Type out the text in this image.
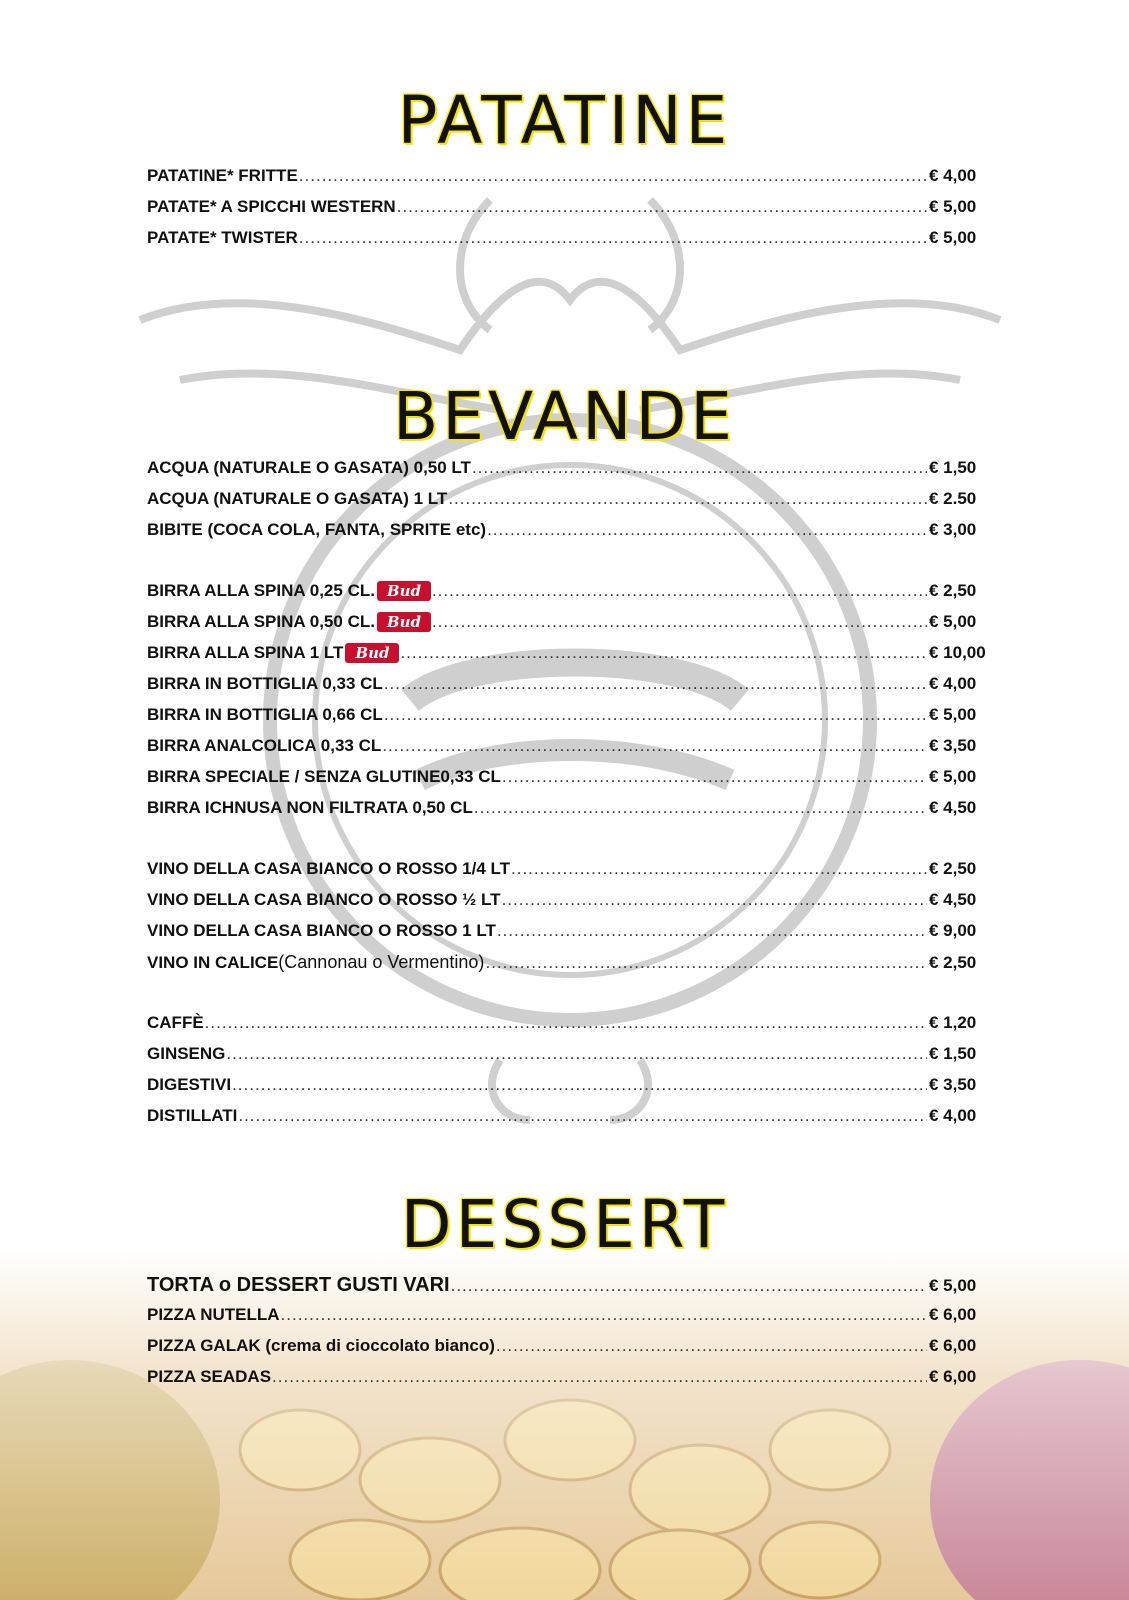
PATATINE
PATATINE* FRITTE .....	€ 4,00
PATATE* A SPICCHI WESTERN .....	€ 5,00
PATATE* TWISTER .....	€ 5,00
BEVANDE
ACQUA (NATURALE O GASATA) 0,50 LT .....	€ 1,50
ACQUA (NATURALE O GASATA) 1 LT .....	€ 2.50
BIBITE (COCA COLA, FANTA, SPRITE etc) .....	€ 3,00
BIRRA ALLA SPINA 0,25 CL. Bud .....	€ 2,50
BIRRA ALLA SPINA 0,50 CL. Bud .....	€ 5,00
BIRRA ALLA SPINA 1 LT Bud .....	€ 10,00
BIRRA IN BOTTIGLIA 0,33 CL .....	€ 4,00
BIRRA IN BOTTIGLIA 0,66 CL .....	€ 5,00
BIRRA ANALCOLICA 0,33 CL .....	€ 3,50
BIRRA SPECIALE / SENZA GLUTINE0,33 CL .....	€ 5,00
BIRRA ICHNUSA NON FILTRATA 0,50 CL .....	€ 4,50
VINO DELLA CASA BIANCO O ROSSO 1/4 LT .....	€ 2,50
VINO DELLA CASA BIANCO O ROSSO ½ LT .....	€ 4,50
VINO DELLA CASA BIANCO O ROSSO 1 LT .....	€ 9,00
VINO IN CALICE (Cannonau o Vermentino) .....	€ 2,50
CAFFÈ .....	€ 1,20
GINSENG .....	€ 1,50
DIGESTIVI .....	€ 3,50
DISTILLATI .....	€ 4,00
DESSERT
TORTA o DESSERT GUSTI VARI .....	€ 5,00
PIZZA NUTELLA .....	€ 6,00
PIZZA GALAK (crema di cioccolato bianco) .....	€ 6,00
PIZZA SEADAS .....	€ 6,00
